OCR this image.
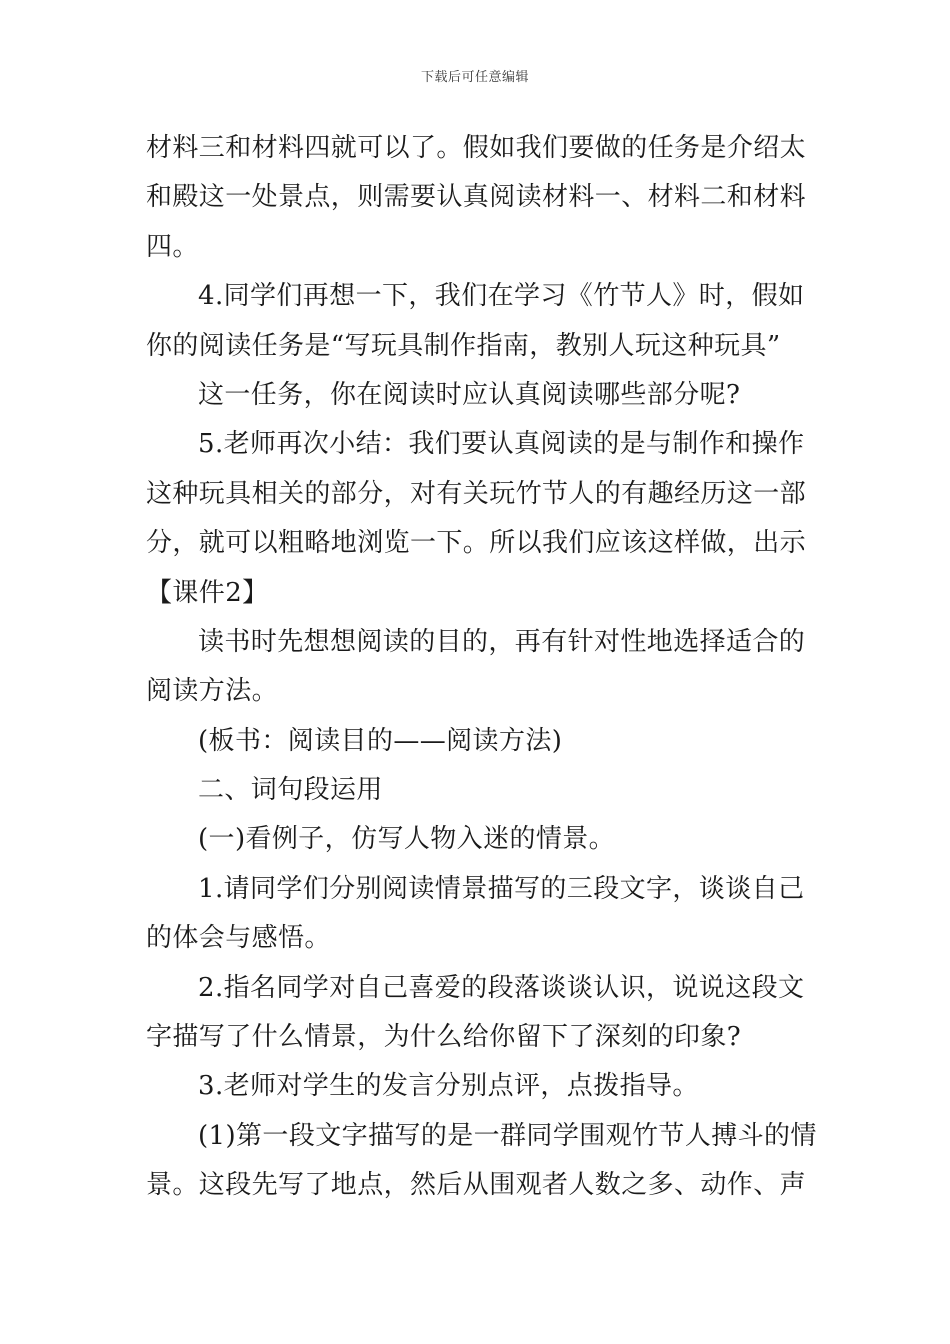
下载后可任意编辑
材料三和材料四就可以了。假如我们要做的任务是介绍太
和殿这一处景点，则需要认真阅读材料一、材料二和材料
四。
4.同学们再想一下，我们在学习《竹节人》时，假如
你的阅读任务是“写玩具制作指南，教别人玩这种玩具”
这一任务，你在阅读时应认真阅读哪些部分呢?
5.老师再次小结：我们要认真阅读的是与制作和操作
这种玩具相关的部分，对有关玩竹节人的有趣经历这一部
分，就可以粗略地浏览一下。所以我们应该这样做，出示
【课件2】
读书时先想想阅读的目的，再有针对性地选择适合的
阅读方法。
(板书：阅读目的——阅读方法)
二、词句段运用
(一)看例子，仿写人物入迷的情景。
1.请同学们分别阅读情景描写的三段文字，谈谈自己
的体会与感悟。
2.指名同学对自己喜爱的段落谈谈认识，说说这段文
字描写了什么情景，为什么给你留下了深刻的印象?
3.老师对学生的发言分别点评，点拨指导。
(1)第一段文字描写的是一群同学围观竹节人搏斗的情
景。这段先写了地点，然后从围观者人数之多、动作、声
